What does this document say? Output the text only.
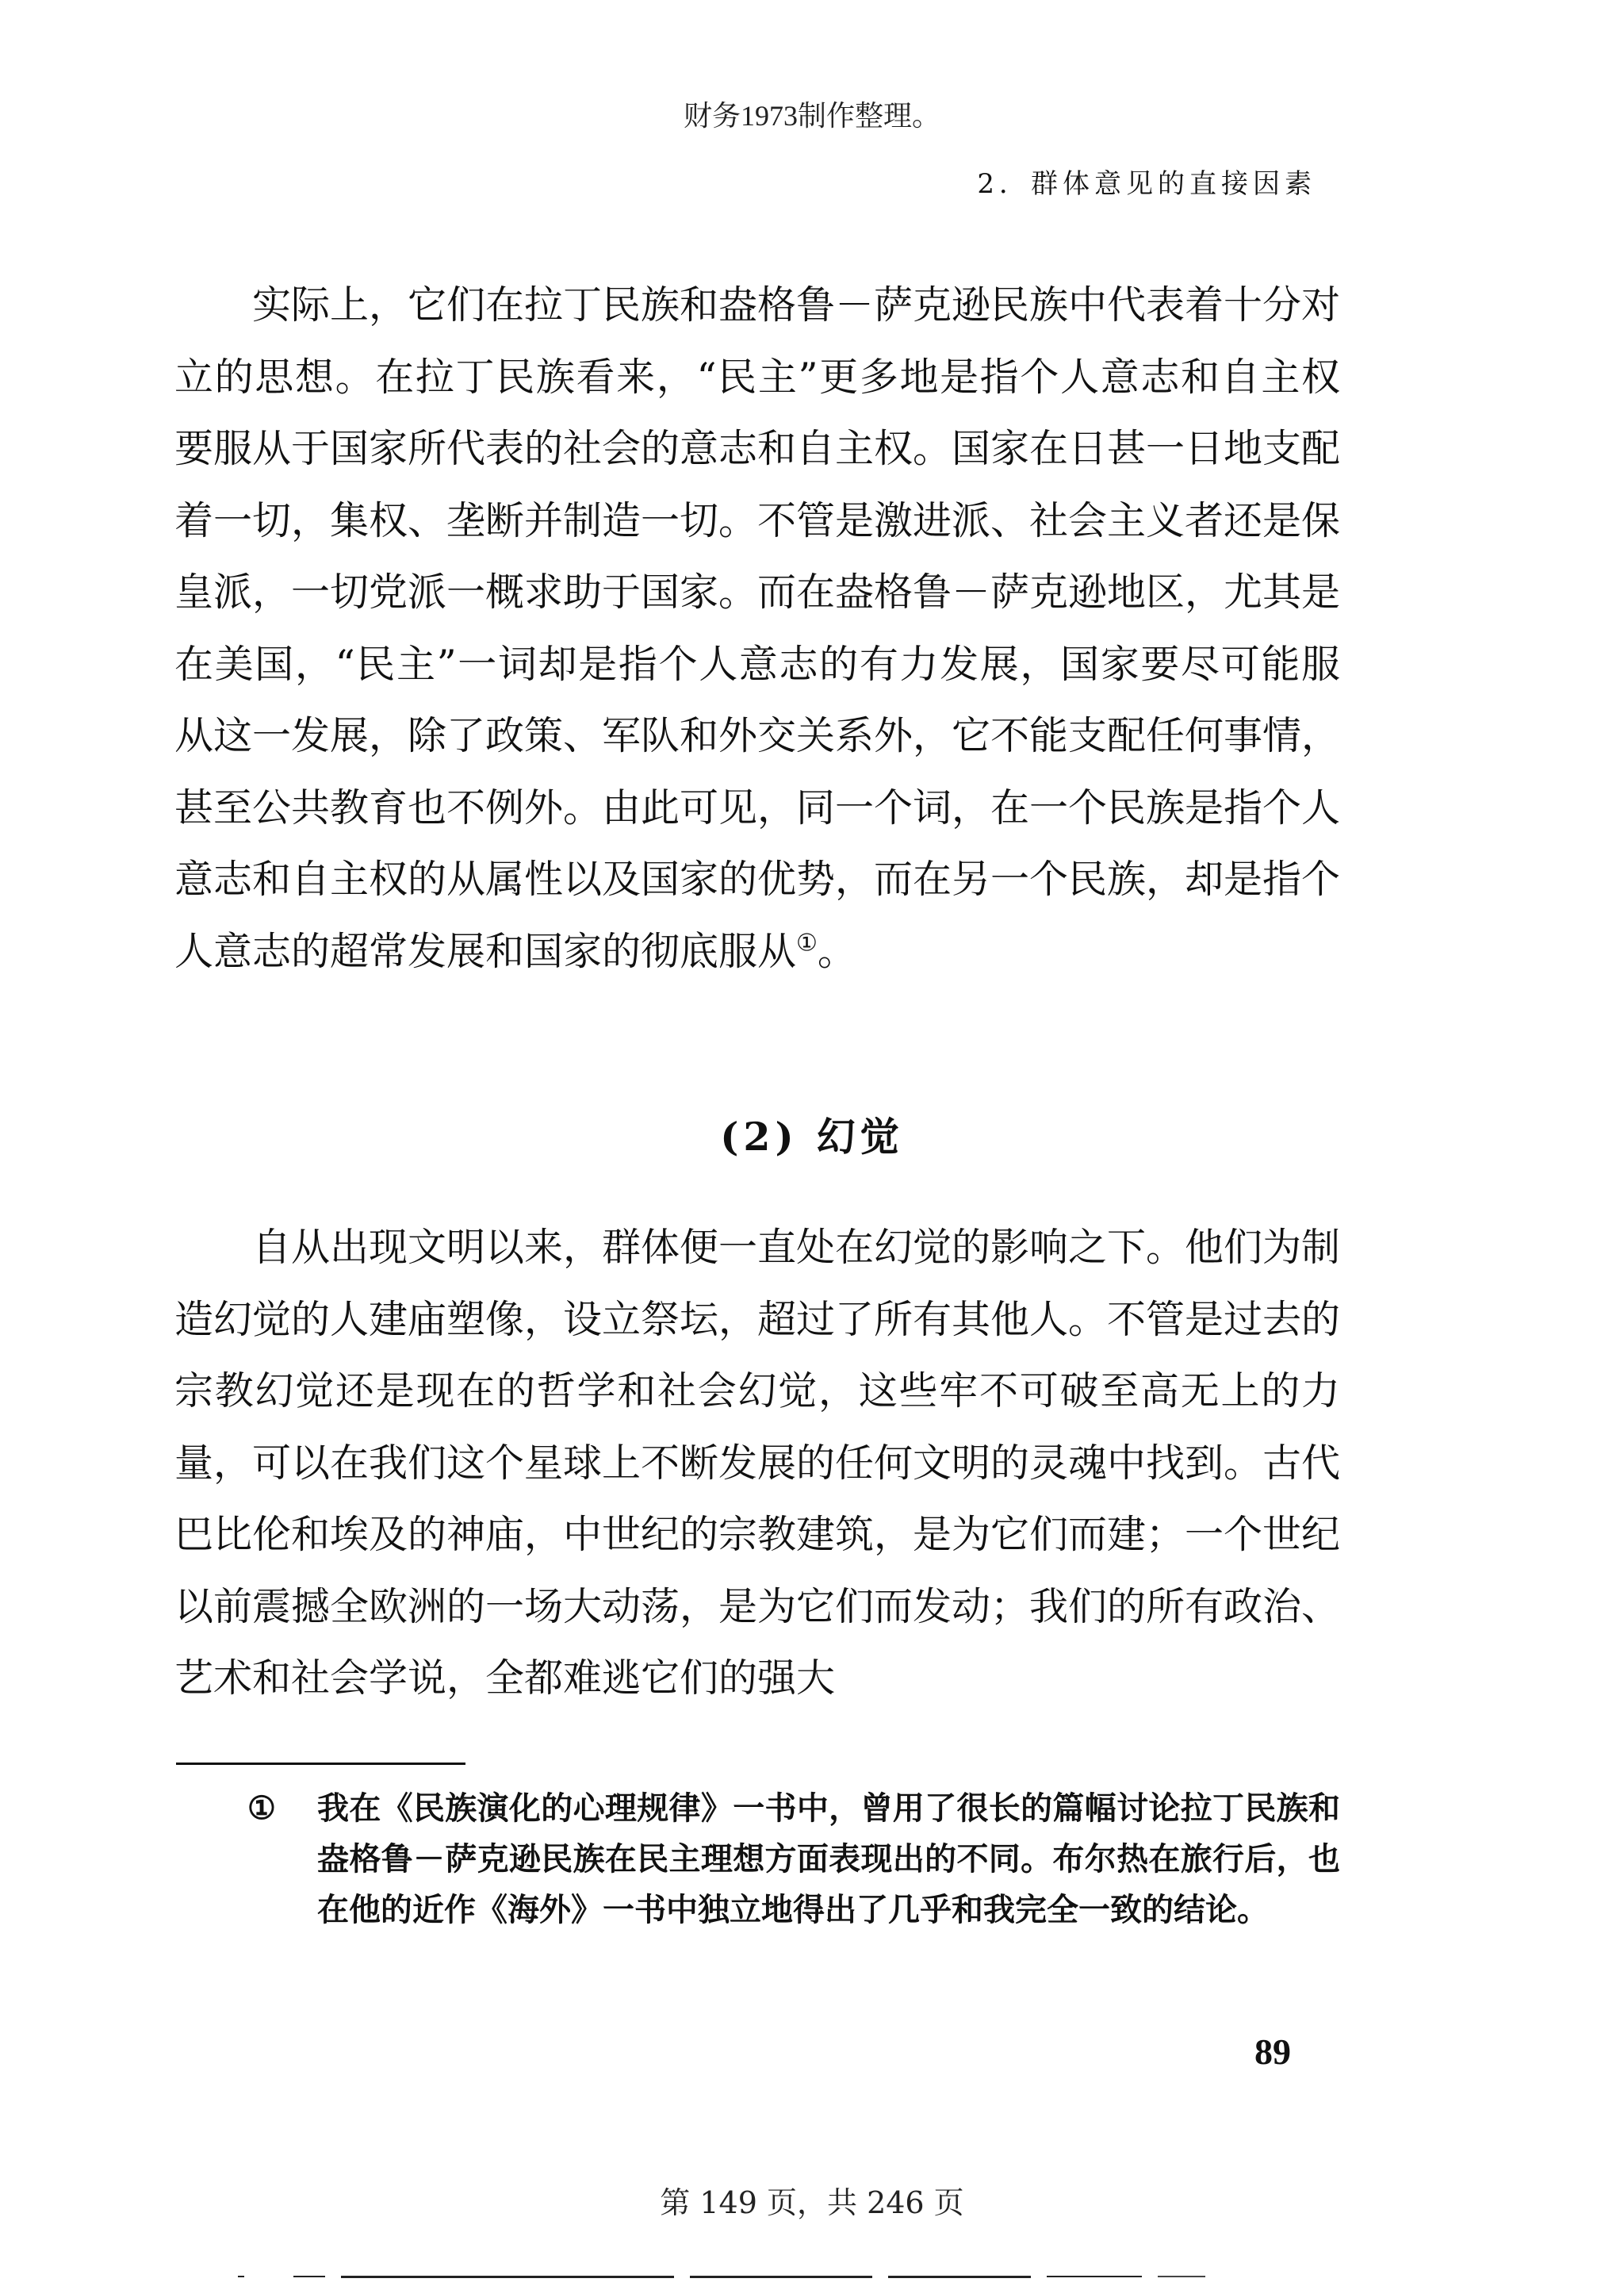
财务1973制作整理。
2．群体意见的直接因素

实际上，它们在拉丁民族和盎格鲁－萨克逊民族中代表着十分对立的思想。在拉丁民族看来，“民主”更多地是指个人意志和自主权要服从于国家所代表的社会的意志和自主权。国家在日甚一日地支配着一切，集权、垄断并制造一切。不管是激进派、社会主义者还是保皇派，一切党派一概求助于国家。而在盎格鲁－萨克逊地区，尤其是在美国，“民主”一词却是指个人意志的有力发展，国家要尽可能服从这一发展，除了政策、军队和外交关系外，它不能支配任何事情，甚至公共教育也不例外。由此可见，同一个词，在一个民族是指个人意志和自主权的从属性以及国家的优势，而在另一个民族，却是指个人意志的超常发展和国家的彻底服从①。

(2) 幻觉

自从出现文明以来，群体便一直处在幻觉的影响之下。他们为制造幻觉的人建庙塑像，设立祭坛，超过了所有其他人。不管是过去的宗教幻觉还是现在的哲学和社会幻觉，这些牢不可破至高无上的力量，可以在我们这个星球上不断发展的任何文明的灵魂中找到。古代巴比伦和埃及的神庙，中世纪的宗教建筑，是为它们而建；一个世纪以前震撼全欧洲的一场大动荡，是为它们而发动；我们的所有政治、艺术和社会学说，全都难逃它们的强大

① 我在《民族演化的心理规律》一书中，曾用了很长的篇幅讨论拉丁民族和盎格鲁－萨克逊民族在民主理想方面表现出的不同。布尔热在旅行后，也在他的近作《海外》一书中独立地得出了几乎和我完全一致的结论。
89
第 149 页，共 246 页
